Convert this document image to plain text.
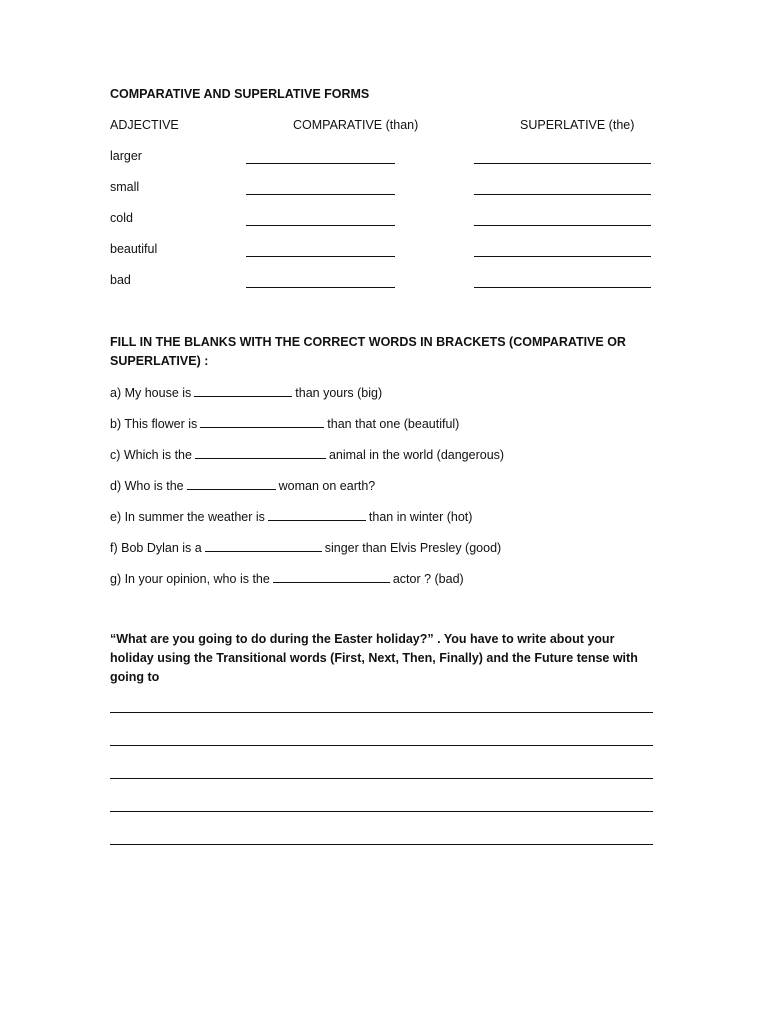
COMPARATIVE AND SUPERLATIVE FORMS
ADJECTIVE	COMPARATIVE (than)	SUPERLATIVE (the)
larger
small
cold
beautiful
bad
FILL IN THE BLANKS WITH THE CORRECT WORDS IN BRACKETS (COMPARATIVE OR SUPERLATIVE) :
a) My house is	than yours (big)
b) This flower is	than that one (beautiful)
c) Which is the	animal in the world (dangerous)
d) Who is the	woman on earth?
e) In summer the weather is	than in winter (hot)
f) Bob Dylan is a	singer than Elvis Presley (good)
g) In your opinion, who is the	actor ? (bad)
“What are you going to do during the Easter holiday?” . You have to write about your holiday using the Transitional words (First, Next, Then, Finally) and the Future tense with going to
